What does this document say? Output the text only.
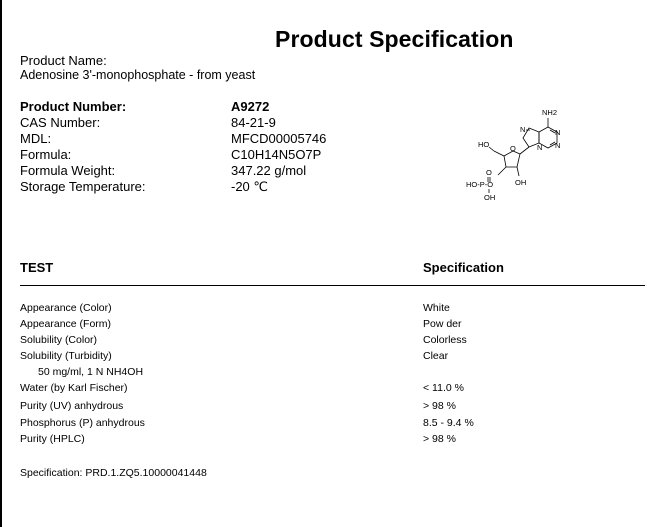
Product Specification
Product Name:
Adenosine 3'-monophosphate - from yeast
Product Number:	A9272
CAS Number:	84-21-9
MDL:	MFCD00005746
Formula:	C10H14N5O7P
Formula Weight:	347.22 g/mol
Storage Temperature:	-20 ℃
NH2
N
N
N
N
O
HO
O
HO-P-O	OH
OH
TEST	Specification
Appearance (Color)	White
Appearance (Form)	Pow der
Solubility (Color)	Colorless
Solubility (Turbidity)	Clear
50 mg/ml, 1 N NH4OH
Water (by Karl Fischer)	< 11.0 %
Purity (UV) anhydrous	> 98 %
Phosphorus (P) anhydrous	8.5 - 9.4 %
Purity (HPLC)	> 98 %
Specification: PRD.1.ZQ5.10000041448
